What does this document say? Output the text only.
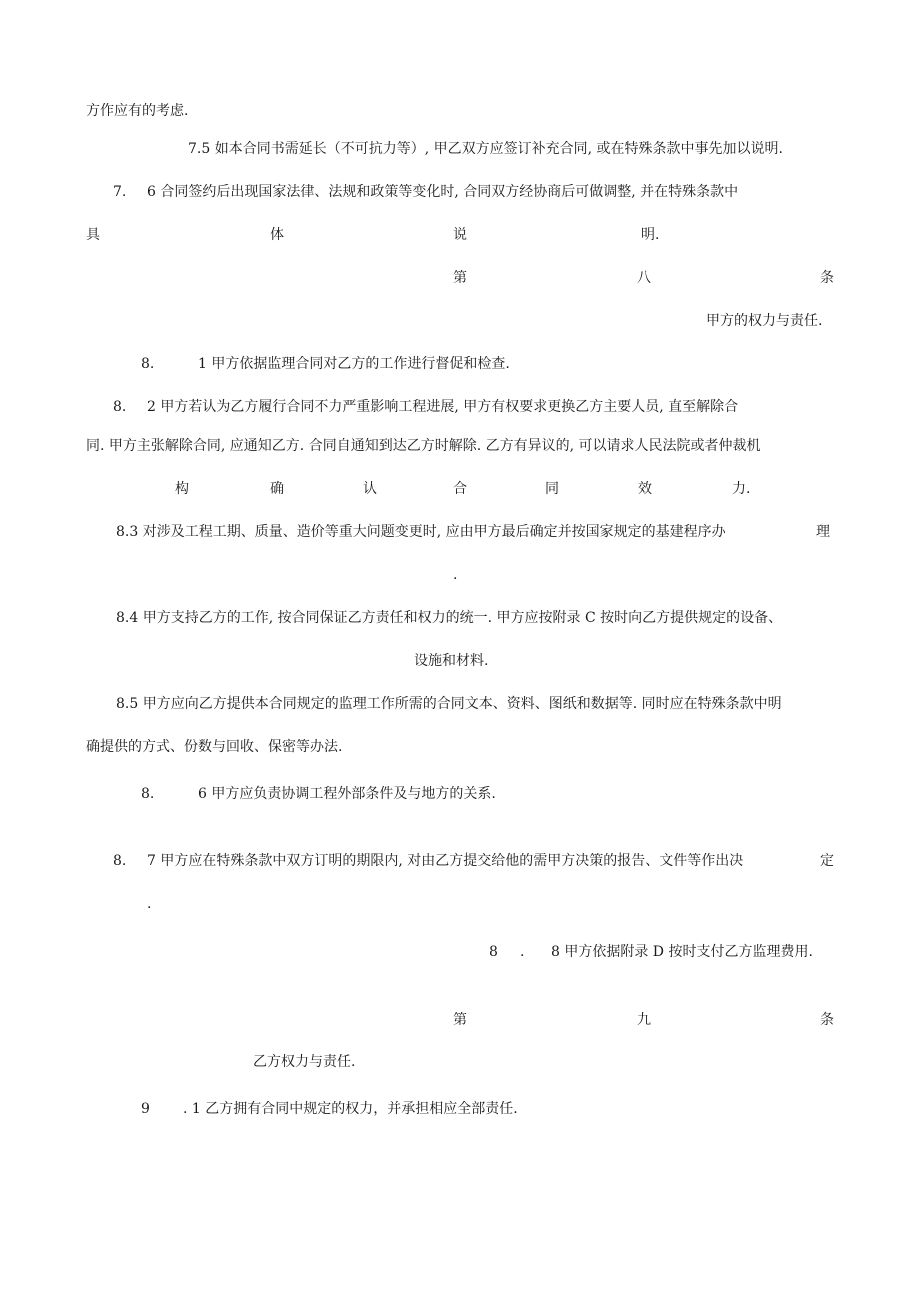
方作应有的考虑.
7.5 如本合同书需延长（不可抗力等）, 甲乙双方应签订补充合同, 或在特殊条款中事先加以说明.
7. 6 合同签约后出现国家法律、法规和政策等变化时, 合同双方经协商后可做调整, 并在特殊条款中
具	体	说	明.
第	八	条
甲方的权力与责任.
8.	1 甲方依据监理合同对乙方的工作进行督促和检查.
8. 2 甲方若认为乙方履行合同不力严重影响工程进展, 甲方有权要求更换乙方主要人员, 直至解除合
同. 甲方主张解除合同, 应通知乙方. 合同自通知到达乙方时解除. 乙方有异议的, 可以请求人民法院或者仲裁机
构	确	认	合	同	效	力.
8.3 对涉及工程工期、质量、造价等重大问题变更时, 应由甲方最后确定并按国家规定的基建程序办	理
.
8.4 甲方支持乙方的工作, 按合同保证乙方责任和权力的统一. 甲方应按附录 C 按时向乙方提供规定的设备、
设施和材料.
8.5 甲方应向乙方提供本合同规定的监理工作所需的合同文本、资料、图纸和数据等. 同时应在特殊条款中明
确提供的方式、份数与回收、保密等办法.
8.	6 甲方应负责协调工程外部条件及与地方的关系.
8. 7 甲方应在特殊条款中双方订明的期限内, 对由乙方提交给他的需甲方决策的报告、文件等作出决	定
.
8 . 8 甲方依据附录 D 按时支付乙方监理费用.
第	九	条
乙方权力与责任.
9 . 1 乙方拥有合同中规定的权力，并承担相应全部责任.
